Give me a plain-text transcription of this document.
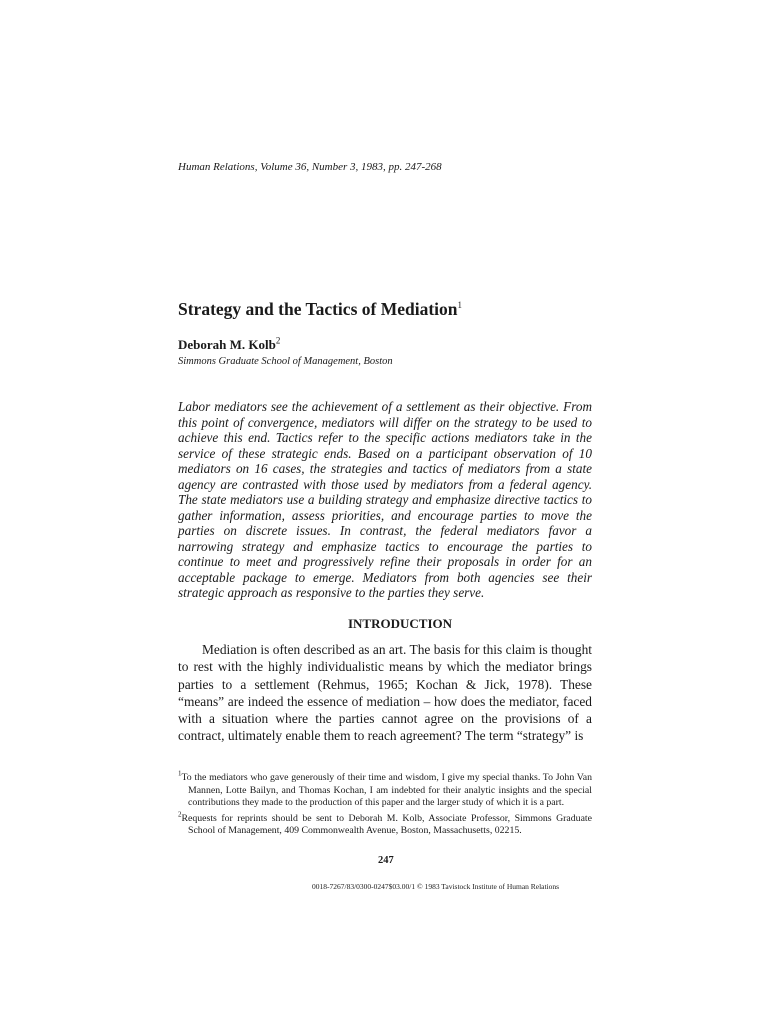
Human Relations, Volume 36, Number 3, 1983, pp. 247-268
Strategy and the Tactics of Mediation$^1$
Deborah M. Kolb$^2$
Simmons Graduate School of Management, Boston

Labor mediators see the achievement of a settlement as their objective. From this point of convergence, mediators will differ on the strategy to be used to achieve this end. Tactics refer to the specific actions mediators take in the service of these strategic ends. Based on a participant observation of 10 mediators on 16 cases, the strategies and tactics of mediators from a state agency are contrasted with those used by mediators from a federal agency. The state mediators use a building strategy and emphasize directive tactics to gather information, assess priorities, and encourage parties to move the parties on discrete issues. In contrast, the federal mediators favor a narrowing strategy and emphasize tactics to encourage the parties to continue to meet and progressively refine their proposals in order for an acceptable package to emerge. Mediators from both agencies see their strategic approach as responsive to the parties they serve.

INTRODUCTION

Mediation is often described as an art. The basis for this claim is thought to rest with the highly individualistic means by which the mediator brings parties to a settlement (Rehmus, 1965; Kochan & Jick, 1978). These “means” are indeed the essence of mediation – how does the mediator, faced with a situation where the parties cannot agree on the provisions of a contract, ultimately enable them to reach agreement? The term “strategy” is

$^1$To the mediators who gave generously of their time and wisdom, I give my special thanks. To John Van Mannen, Lotte Bailyn, and Thomas Kochan, I am indebted for their analytic insights and the special contributions they made to the production of this paper and the larger study of which it is a part.

$^2$Requests for reprints should be sent to Deborah M. Kolb, Associate Professor, Simmons Graduate School of Management, 409 Commonwealth Avenue, Boston, Massachusetts, 02215.

247
0018-7267/83/0300-0247$03.00/1 © 1983 Tavistock Institute of Human Relations
